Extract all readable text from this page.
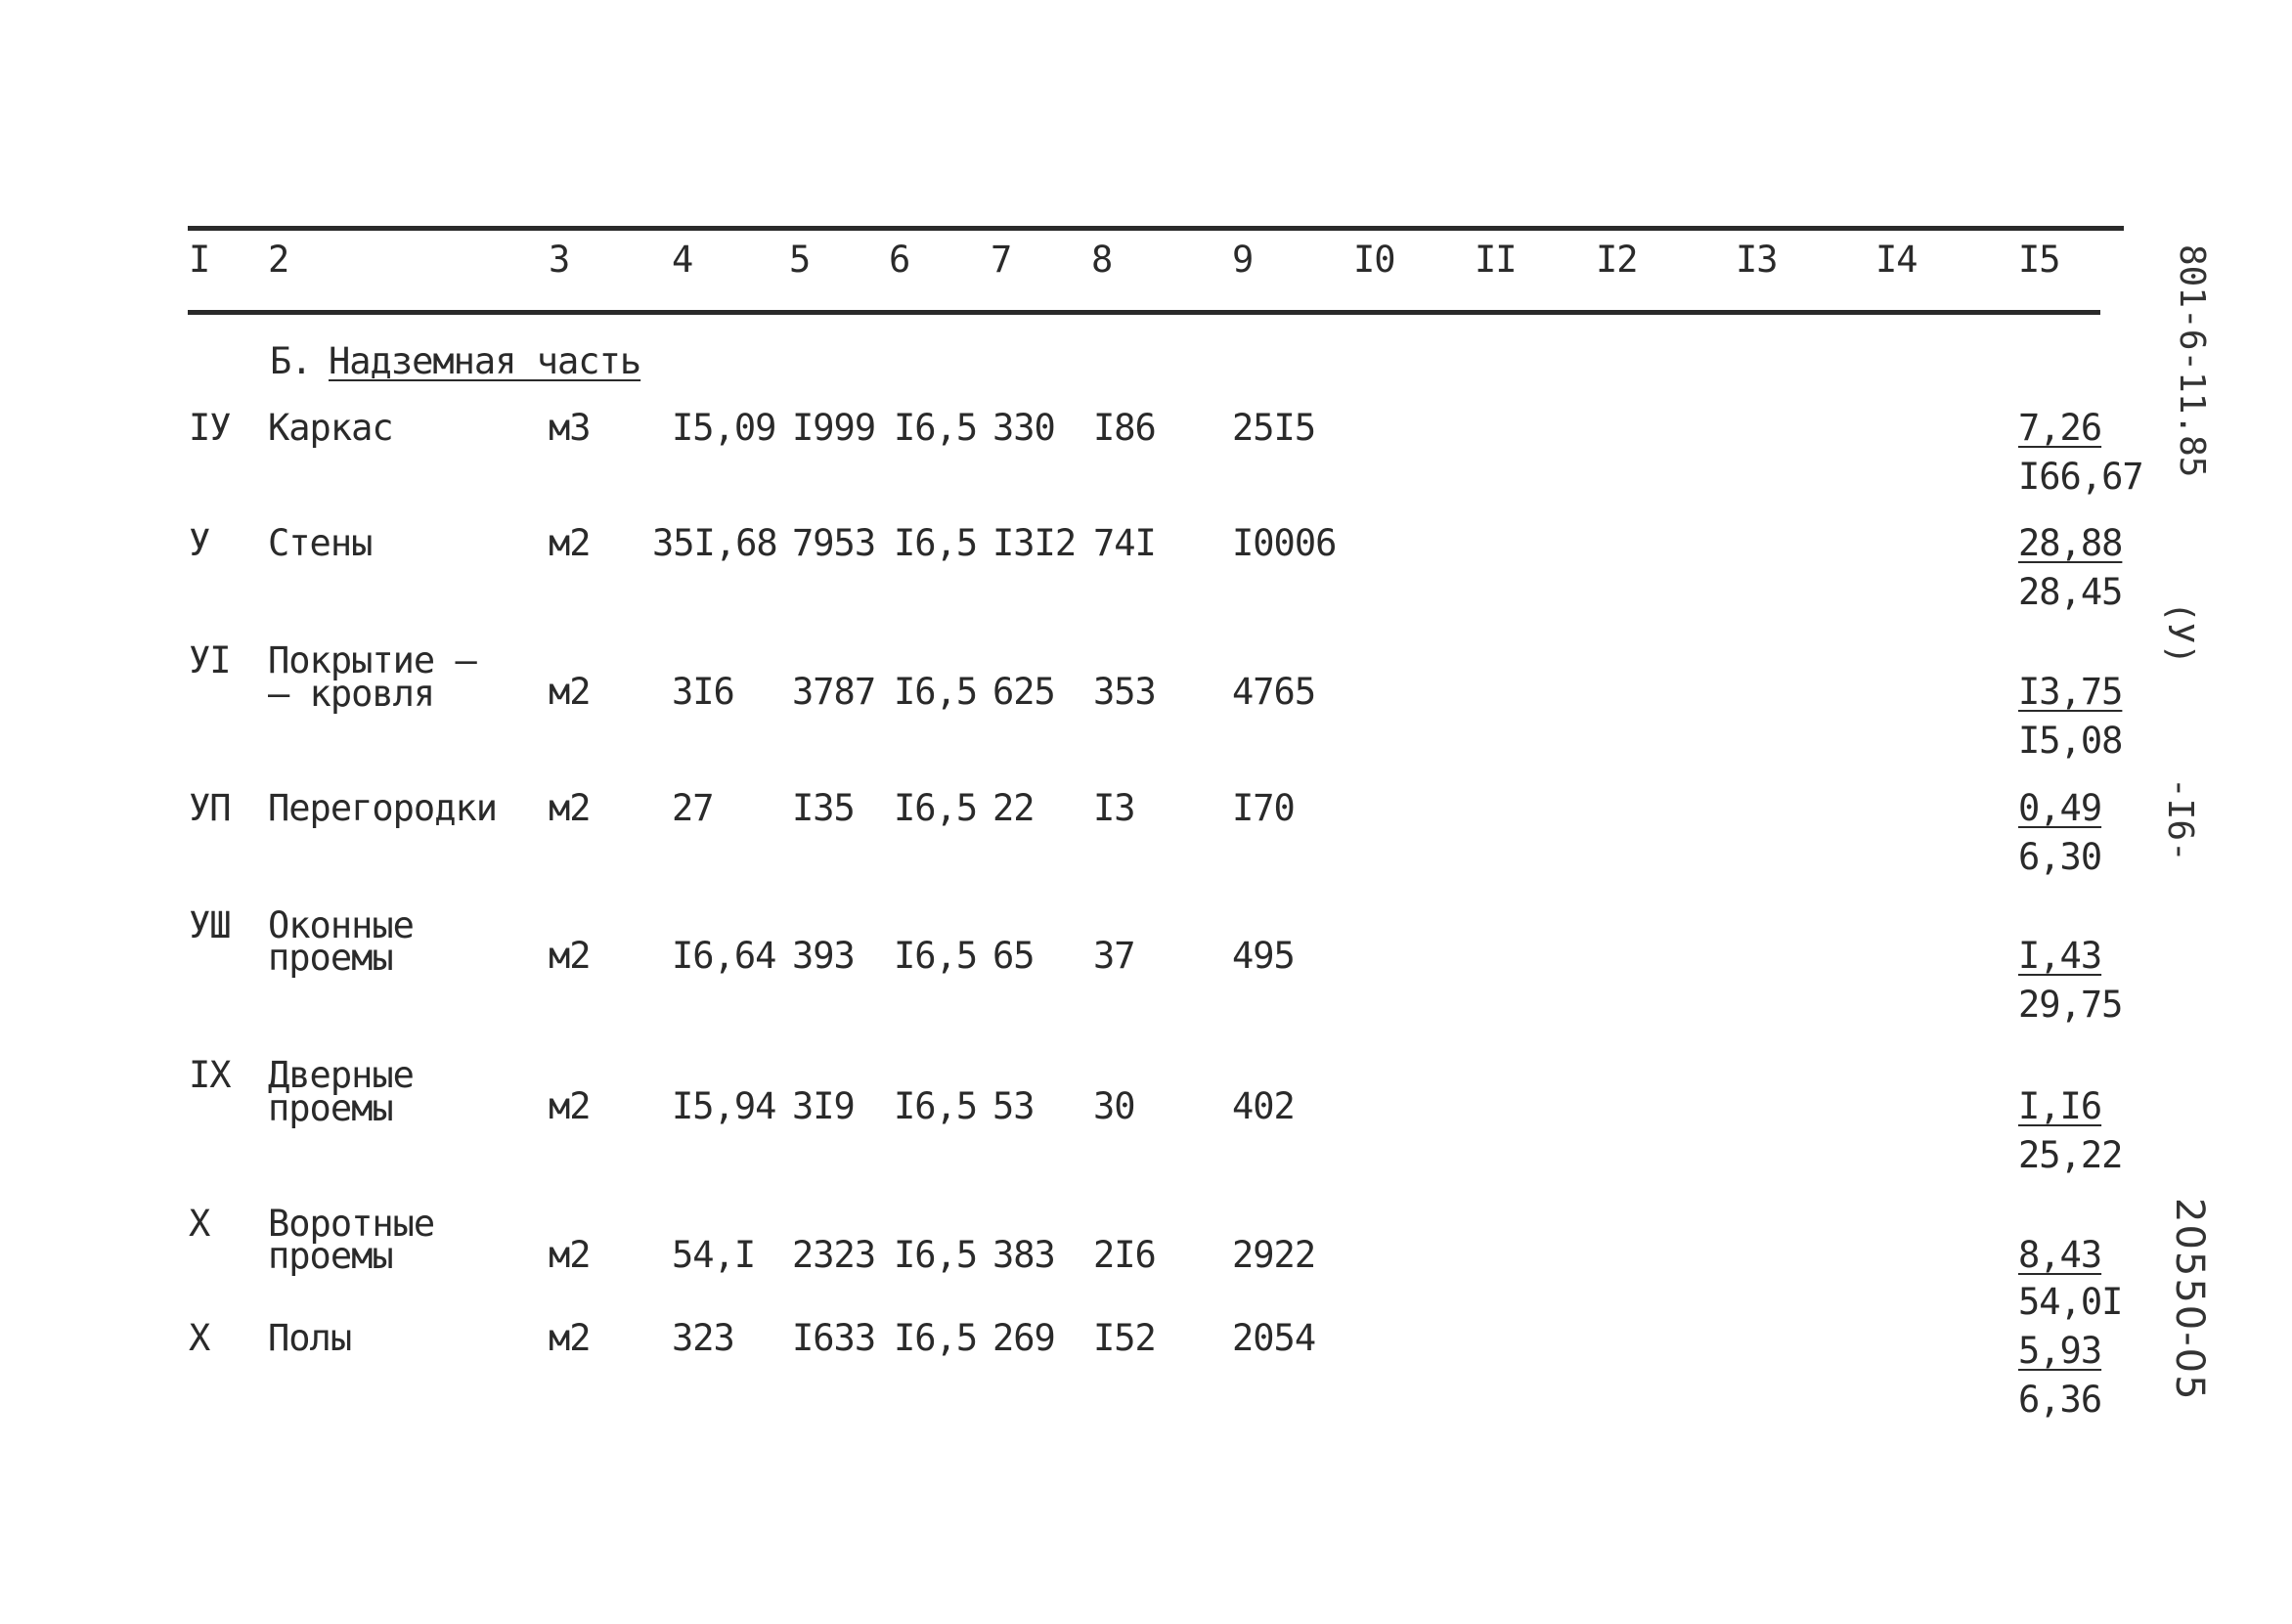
I 2	3	4	5 6 7 8	9	I0 II I2	I3	I4	I5
Б. Надземная часть
IУ Каркас	м3 I5,09 I999 I6,5 330 I86 25I5	7,26
I66,67
У Стены	м2 35I,68 7953 I6,5 I3I2 74I I0006	28,88
28,45
УI Покрытие –
– кровля	м2 3I6 3787 I6,5 625 353 4765	I3,75
I5,08
УП Перегородки м2 27 I35 I6,5 22 I3	I70	0,49
6,30
УШ Оконные
проемы	м2 I6,64 393 I6,5 65 37	495	I,43
29,75
IХ Дверные
проемы	м2 I5,94 3I9 I6,5 53 30	402	I,I6
25,22
Х Воротные
проемы	м2 54,I 2323 I6,5 383 2I6 2922	8,43
54,0I
Х Полы	м2 323 I633 I6,5 269 I52 2054	5,93
6,36
801-6-11.85
(У)
-I6-
20550-05
